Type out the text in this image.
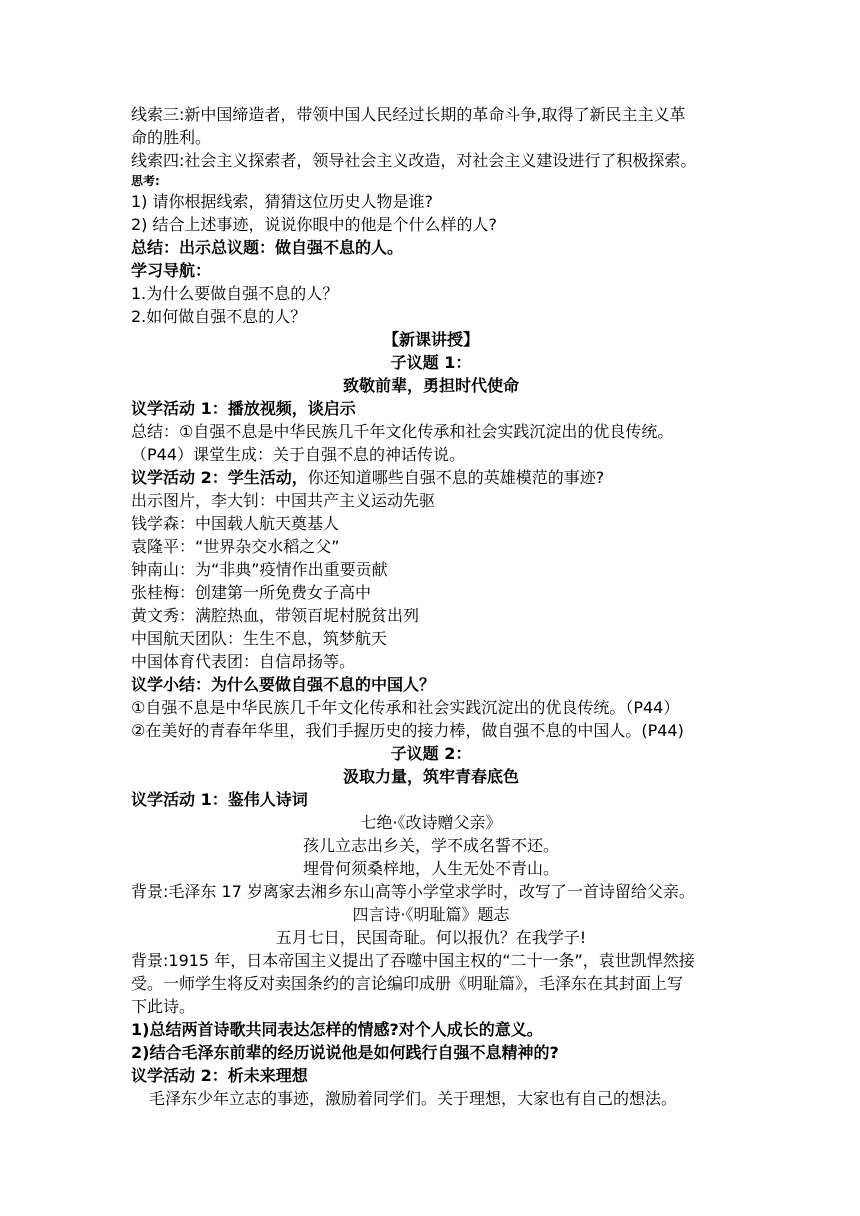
线索三:新中国缔造者，带领中国人民经过长期的革命斗争,取得了新民主主义革
命的胜利。
线索四:社会主义探索者，领导社会主义改造，对社会主义建设进行了积极探索。
思考:
1) 请你根据线索，猜猜这位历史人物是谁?
2) 结合上述事迹，说说你眼中的他是个什么样的人?
总结：出示总议题：做自强不息的人。
学习导航：
1.为什么要做自强不息的人？
2.如何做自强不息的人？
【新课讲授】
子议题 1：
致敬前辈，勇担时代使命
议学活动 1：播放视频，谈启示
总结：①自强不息是中华民族几千年文化传承和社会实践沉淀出的优良传统。
（P44）课堂生成：关于自强不息的神话传说。
议学活动 2：学生活动，你还知道哪些自强不息的英雄模范的事迹?
出示图片，李大钊：中国共产主义运动先驱
钱学森：中国载人航天奠基人
袁隆平：“世界杂交水稻之父”
钟南山：为“非典”疫情作出重要贡献
张桂梅：创建第一所免费女子高中
黄文秀：满腔热血，带领百坭村脱贫出列
中国航天团队：生生不息，筑梦航天
中国体育代表团：自信昂扬等。
议学小结：为什么要做自强不息的中国人？
①自强不息是中华民族几千年文化传承和社会实践沉淀出的优良传统。（P44）
②在美好的青春年华里，我们手握历史的接力棒，做自强不息的中国人。(P44)
子议题 2：
汲取力量，筑牢青春底色
议学活动 1：鉴伟人诗词
七绝·《改诗赠父亲》
孩儿立志出乡关，学不成名誓不还。
埋骨何须桑梓地，人生无处不青山。
背景:毛泽东 17 岁离家去湘乡东山高等小学堂求学时，改写了一首诗留给父亲。
四言诗·《明耻篇》题志
五月七日，民国奇耻。何以报仇？在我学子!
背景:1915 年，日本帝国主义提出了吞噬中国主权的“二十一条”，袁世凯悍然接
受。一师学生将反对卖国条约的言论编印成册《明耻篇》，毛泽东在其封面上写
下此诗。
1)总结两首诗歌共同表达怎样的情感?对个人成长的意义。
2)结合毛泽东前辈的经历说说他是如何践行自强不息精神的?
议学活动 2：析未来理想
毛泽东少年立志的事迹，激励着同学们。关于理想，大家也有自己的想法。
